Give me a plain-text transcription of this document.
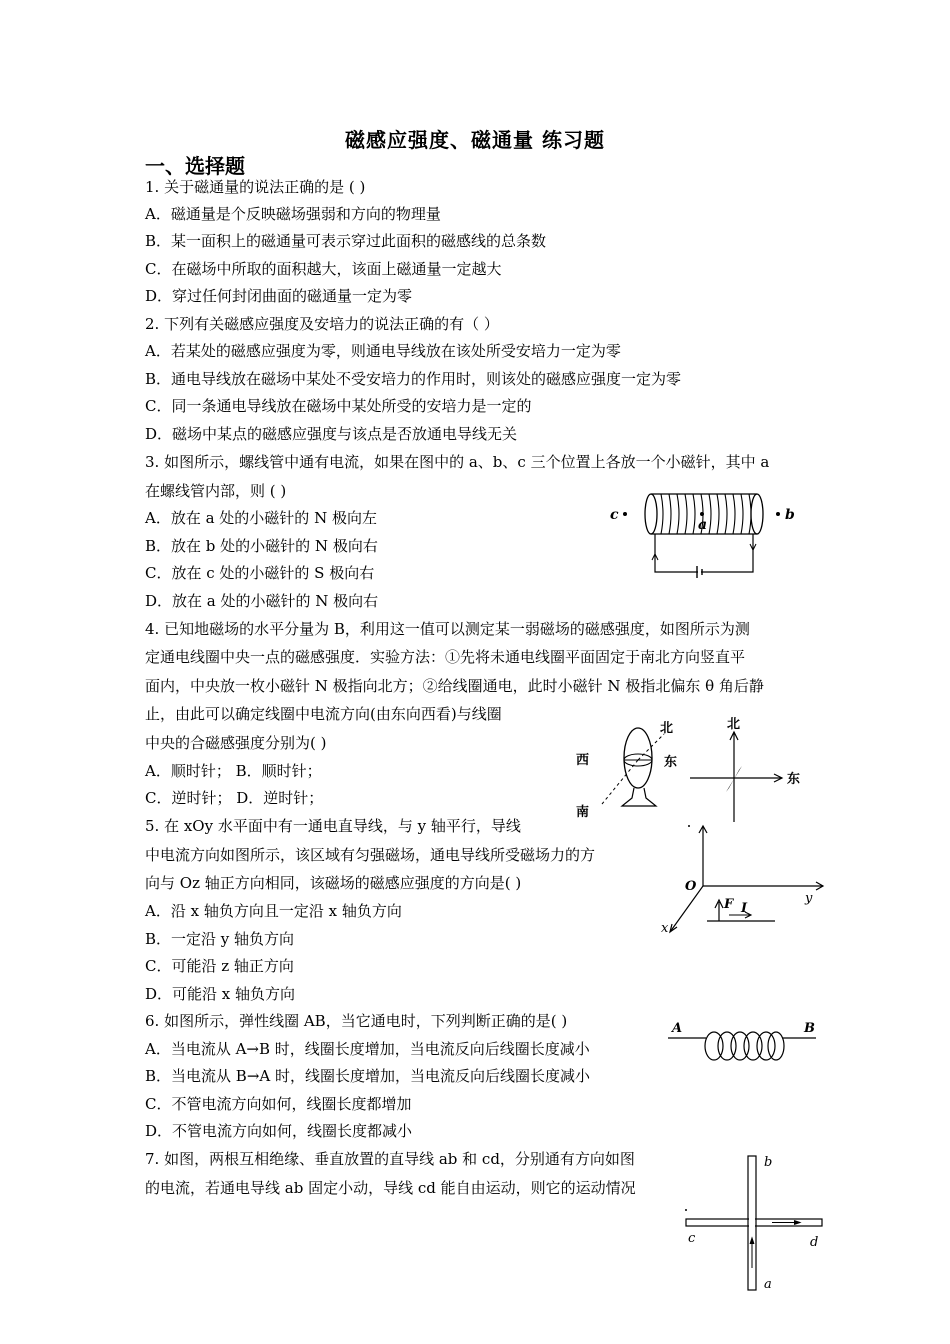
磁感应强度、磁通量 练习题
一、选择题
1. 关于磁通量的说法正确的是 ( )
A．磁通量是个反映磁场强弱和方向的物理量
B．某一面积上的磁通量可表示穿过此面积的磁感线的总条数
C．在磁场中所取的面积越大，该面上磁通量一定越大
D．穿过任何封闭曲面的磁通量一定为零
2. 下列有关磁感应强度及安培力的说法正确的有（ ）
A．若某处的磁感应强度为零，则通电导线放在该处所受安培力一定为零
B．通电导线放在磁场中某处不受安培力的作用时，则该处的磁感应强度一定为零
C．同一条通电导线放在磁场中某处所受的安培力是一定的
D．磁场中某点的磁感应强度与该点是否放通电导线无关
3. 如图所示，螺线管中通有电流，如果在图中的 a、b、c 三个位置上各放一个小磁针，其中 a
在螺线管内部，则 ( )
A．放在 a 处的小磁针的 N 极向左
B．放在 b 处的小磁针的 N 极向右
C．放在 c 处的小磁针的 S 极向右
D．放在 a 处的小磁针的 N 极向右
4. 已知地磁场的水平分量为 B，利用这一值可以测定某一弱磁场的磁感强度，如图所示为测
定通电线圈中央一点的磁感强度．实验方法：①先将未通电线圈平面固定于南北方向竖直平
面内，中央放一枚小磁针 N 极指向北方；②给线圈通电，此时小磁针 N 极指北偏东 θ 角后静
止，由此可以确定线圈中电流方向(由东向西看)与线圈
中央的合磁感强度分别为( )
A．顺时针； B．顺时针；
C．逆时针； D．逆时针；
5. 在 xOy 水平面中有一通电直导线，与 y 轴平行，导线
中电流方向如图所示，该区域有匀强磁场，通电导线所受磁场力的方
向与 Oz 轴正方向相同，该磁场的磁感应强度的方向是( )
A．沿 x 轴负方向且一定沿 x 轴负方向
B．一定沿 y 轴负方向
C．可能沿 z 轴正方向
D．可能沿 x 轴负方向
6. 如图所示，弹性线圈 AB，当它通电时，下列判断正确的是( )
A．当电流从 A→B 时，线圈长度增加，当电流反向后线圈长度减小
B．当电流从 B→A 时，线圈长度增加，当电流反向后线圈长度减小
C．不管电流方向如何，线圈长度都增加
D．不管电流方向如何，线圈长度都减小
7. 如图，两根互相绝缘、垂直放置的直导线 ab 和 cd，分别通有方向如图
的电流，若通电导线 ab 固定小动，导线 cd 能自由运动，则它的运动情况
c
a
b
北
西	东
南
北
东
O
y
x
F I
A	B
b
c	d
a
